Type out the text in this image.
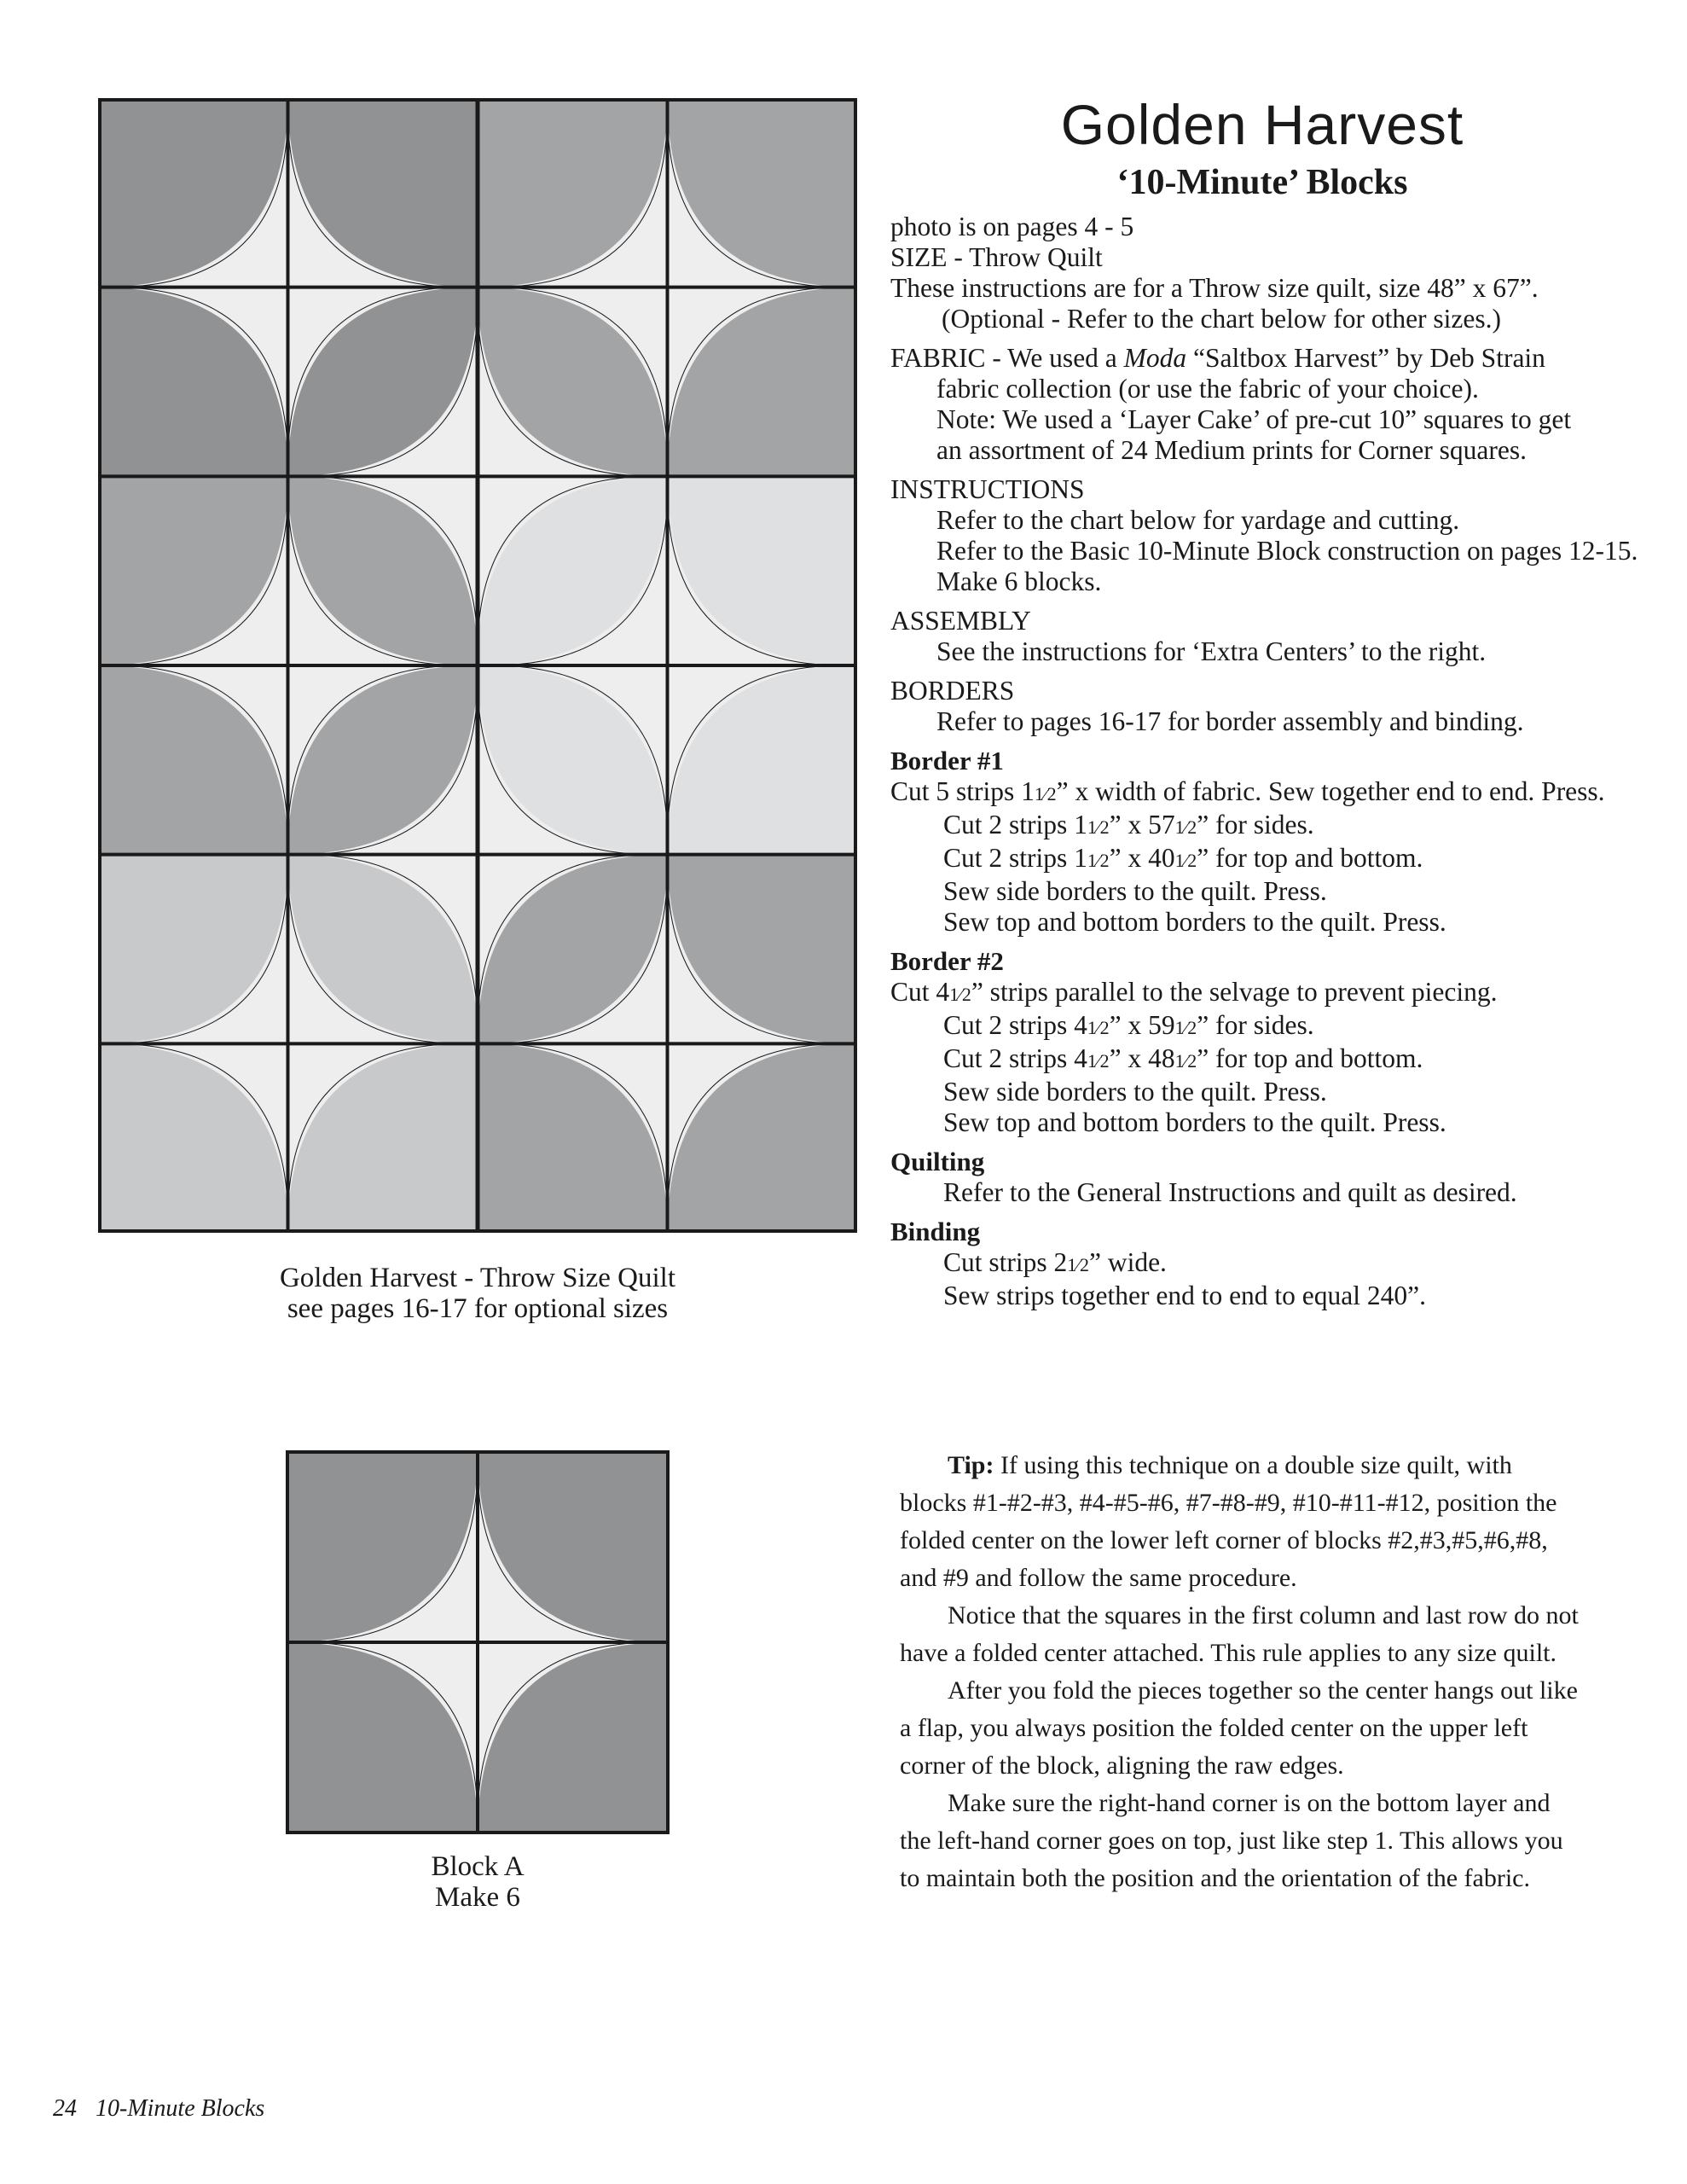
Golden Harvest - Throw Size Quilt
see pages 16-17 for optional sizes
Block A
Make 6
Golden Harvest
‘10-Minute’ Blocks
photo is on pages 4 - 5
SIZE - Throw Quilt
These instructions are for a Throw size quilt, size 48” x 67”.
(Optional - Refer to the chart below for other sizes.)
FABRIC - We used a Moda “Saltbox Harvest” by Deb Strain
fabric collection (or use the fabric of your choice).
Note: We used a ‘Layer Cake’ of pre-cut 10” squares to get
an assortment of 24 Medium prints for Corner squares.
INSTRUCTIONS
Refer to the chart below for yardage and cutting.
Refer to the Basic 10-Minute Block construction on pages 12-15.
Make 6 blocks.
ASSEMBLY
See the instructions for ‘Extra Centers’ to the right.
BORDERS
Refer to pages 16-17 for border assembly and binding.
Border #1
Cut 5 strips 11⁄2” x width of fabric. Sew together end to end. Press.
Cut 2 strips 11⁄2” x 571⁄2” for sides.
Cut 2 strips 11⁄2” x 401⁄2” for top and bottom.
Sew side borders to the quilt. Press.
Sew top and bottom borders to the quilt. Press.
Border #2
Cut 41⁄2” strips parallel to the selvage to prevent piecing.
Cut 2 strips 41⁄2” x 591⁄2” for sides.
Cut 2 strips 41⁄2” x 481⁄2” for top and bottom.
Sew side borders to the quilt. Press.
Sew top and bottom borders to the quilt. Press.
Quilting
Refer to the General Instructions and quilt as desired.
Binding
Cut strips 21⁄2” wide.
Sew strips together end to end to equal 240”.
Tip: If using this technique on a double size quilt, with blocks #1-#2-#3, #4-#5-#6, #7-#8-#9, #10-#11-#12, position the folded center on the lower left corner of blocks #2,#3,#5,#6,#8, and #9 and follow the same procedure.
Notice that the squares in the first column and last row do not have a folded center attached. This rule applies to any size quilt.
After you fold the pieces together so the center hangs out like a flap, you always position the folded center on the upper left corner of the block, aligning the raw edges.
Make sure the right-hand corner is on the bottom layer and the left-hand corner goes on top, just like step 1. This allows you to maintain both the position and the orientation of the fabric.
24 10-Minute Blocks
